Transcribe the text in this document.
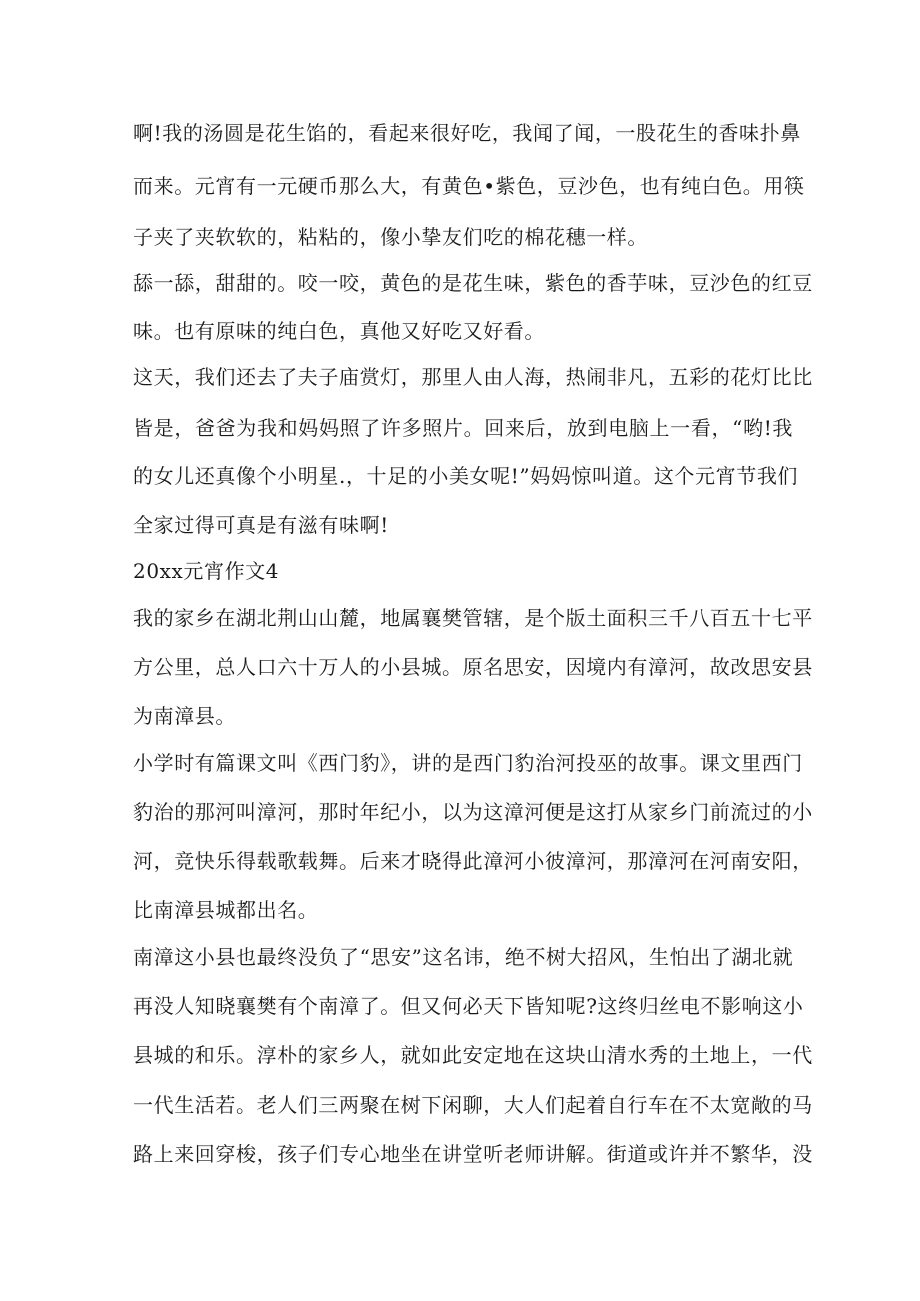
啊!我的汤圆是花生馅的，看起来很好吃，我闻了闻，一股花生的香味扑鼻
而来。元宵有一元硬币那么大，有黄色•紫色，豆沙色，也有纯白色。用筷
子夹了夹软软的，粘粘的，像小挚友们吃的棉花穗一样。
舔一舔，甜甜的。咬一咬，黄色的是花生味，紫色的香芋味，豆沙色的红豆
味。也有原味的纯白色，真他又好吃又好看。
这天，我们还去了夫子庙赏灯，那里人由人海，热闹非凡，五彩的花灯比比
皆是，爸爸为我和妈妈照了许多照片。回来后，放到电脑上一看，“哟!我
的女儿还真像个小明星.，十足的小美女呢!”妈妈惊叫道。这个元宵节我们
全家过得可真是有滋有味啊!
20xx元宵作文4
我的家乡在湖北荆山山麓，地属襄樊管辖，是个版土面积三千八百五十七平
方公里，总人口六十万人的小县城。原名思安，因境内有漳河，故改思安县
为南漳县。
小学时有篇课文叫《西门豹》，讲的是西门豹治河投巫的故事。课文里西门
豹治的那河叫漳河，那时年纪小，以为这漳河便是这打从家乡门前流过的小
河，竞快乐得载歌载舞。后来才晓得此漳河小彼漳河，那漳河在河南安阳，
比南漳县城都出名。
南漳这小县也最终没负了“思安”这名讳，绝不树大招风，生怕出了湖北就
再没人知晓襄樊有个南漳了。但又何必天下皆知呢?这终归丝电不影响这小
县城的和乐。淳朴的家乡人，就如此安定地在这块山清水秀的土地上，一代
一代生活若。老人们三两聚在树下闲聊，大人们起着自行车在不太宽敞的马
路上来回穿梭，孩子们专心地坐在讲堂听老师讲解。街道或许并不繁华，没
